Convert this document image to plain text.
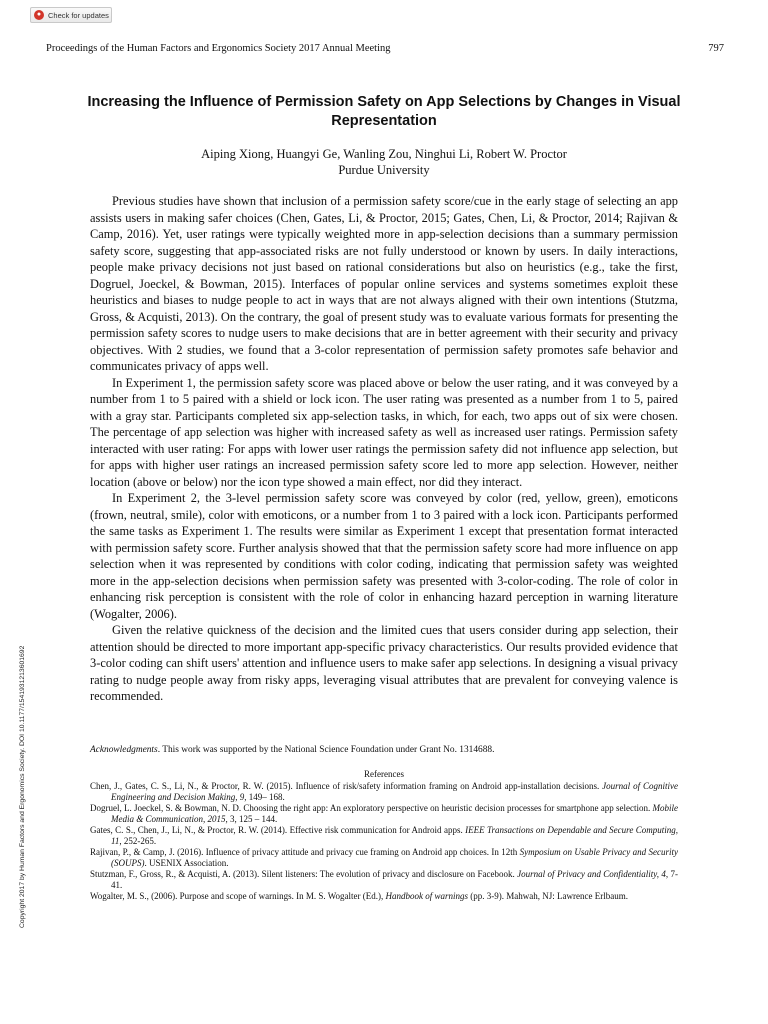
● Check for updates
Proceedings of the Human Factors and Ergonomics Society 2017 Annual Meeting	797
Increasing the Influence of Permission Safety on App Selections by Changes in Visual Representation
Aiping Xiong, Huangyi Ge, Wanling Zou, Ninghui Li, Robert W. Proctor
Purdue University

Previous studies have shown that inclusion of a permission safety score/cue in the early stage of selecting an app assists users in making safer choices (Chen, Gates, Li, & Proctor, 2015; Gates, Chen, Li, & Proctor, 2014; Rajivan & Camp, 2016). Yet, user ratings were typically weighted more in app-selection decisions than a summary permission safety score, suggesting that app-associated risks are not fully understood or known by users. In daily interactions, people make privacy decisions not just based on rational considerations but also on heuristics (e.g., take the first, Dogruel, Joeckel, & Bowman, 2015). Interfaces of popular online services and systems sometimes exploit these heuristics and biases to nudge people to act in ways that are not always aligned with their own intentions (Stutzma, Gross, & Acquisti, 2013). On the contrary, the goal of present study was to evaluate various formats for presenting the permission safety scores to nudge users to make decisions that are in better agreement with their security and privacy objectives. With 2 studies, we found that a 3-color representation of permission safety promotes safe behavior and communicates privacy of apps well.

In Experiment 1, the permission safety score was placed above or below the user rating, and it was conveyed by a number from 1 to 5 paired with a shield or lock icon. The user rating was presented as a number from 1 to 5, paired with a gray star. Participants completed six app-selection tasks, in which, for each, two apps out of six were chosen. The percentage of app selection was higher with increased safety as well as increased user ratings. Permission safety interacted with user rating: For apps with lower user ratings the permission safety did not influence app selection, but for apps with higher user ratings an increased permission safety score led to more app selection. However, neither location (above or below) nor the icon type showed a main effect, nor did they interact.

In Experiment 2, the 3-level permission safety score was conveyed by color (red, yellow, green), emoticons (frown, neutral, smile), color with emoticons, or a number from 1 to 3 paired with a lock icon. Participants performed the same tasks as Experiment 1. The results were similar as Experiment 1 except that presentation format interacted with permission safety score. Further analysis showed that that the permission safety score had more influence on app selection when it was represented by conditions with color coding, indicating that permission safety was weighted more in the app-selection decisions when permission safety was presented with 3-color-coding. The role of color in enhancing risk perception is consistent with the role of color in enhancing hazard perception in warning literature (Wogalter, 2006).

Given the relative quickness of the decision and the limited cues that users consider during app selection, their attention should be directed to more important app-specific privacy characteristics. Our results provided evidence that 3-color coding can shift users' attention and influence users to make safer app selections. In designing a visual privacy rating to nudge people away from risky apps, leveraging visual attributes that are prevalent for conveying valence is recommended.

Acknowledgments. This work was supported by the National Science Foundation under Grant No. 1314688.
References
Chen, J., Gates, C. S., Li, N., & Proctor, R. W. (2015). Influence of risk/safety information framing on Android app-installation decisions. Journal of Cognitive Engineering and Decision Making, 9, 149– 168.
Dogruel, L. Joeckel, S. & Bowman, N. D. Choosing the right app: An exploratory perspective on heuristic decision processes for smartphone app selection. Mobile Media & Communication, 2015, 3, 125 – 144.
Gates, C. S., Chen, J., Li, N., & Proctor, R. W. (2014). Effective risk communication for Android apps. IEEE Transactions on Dependable and Secure Computing, 11, 252-265.
Rajivan, P., & Camp, J. (2016). Influence of privacy attitude and privacy cue framing on Android app choices. In 12th Symposium on Usable Privacy and Security (SOUPS). USENIX Association.
Stutzman, F., Gross, R., & Acquisti, A. (2013). Silent listeners: The evolution of privacy and disclosure on Facebook. Journal of Privacy and Confidentiality, 4, 7-41.
Wogalter, M. S., (2006). Purpose and scope of warnings. In M. S. Wogalter (Ed.), Handbook of warnings (pp. 3-9). Mahwah, NJ: Lawrence Erlbaum.
Copyright 2017 by Human Factors and Ergonomics Society. DOI 10.1177/1541931213601692
